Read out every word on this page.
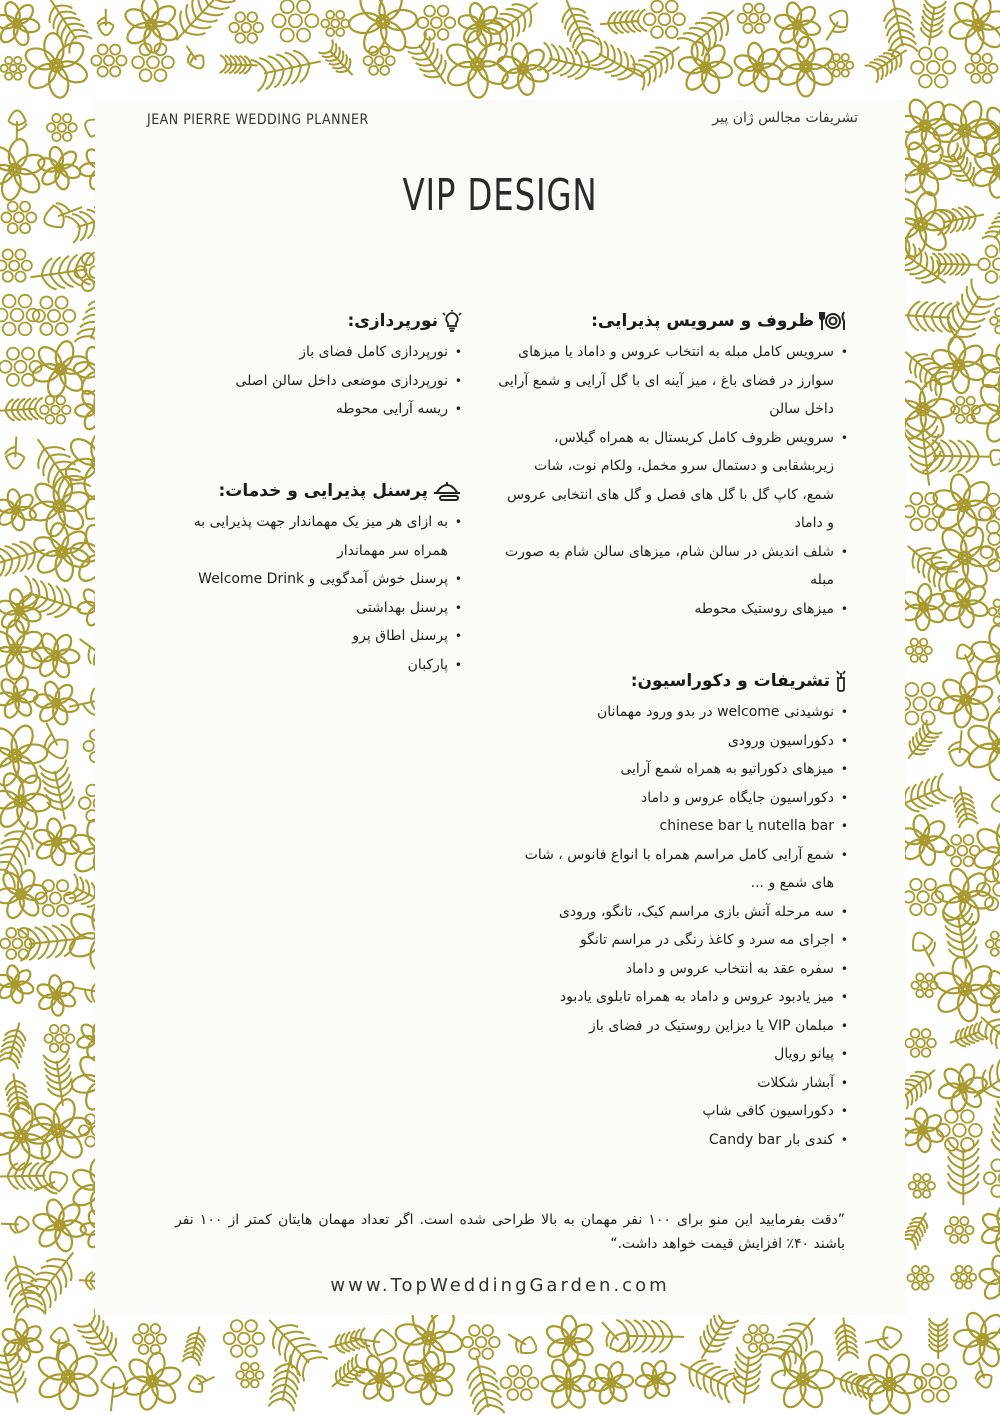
JEAN PIERRE WEDDING PLANNER	تشریفات مجالس ژان پیر
VIP DESIGN
ظروف و سرویس پذیرایی:
• سرویس کامل مبله به انتخاب عروس و داماد یا میزهای سوارز در فضای باغ ، میز آینه ای با گل آرایی و شمع آرایی داخل سالن
• سرویس ظروف کامل کریستال به همراه گیلاس، زیربشقابی و دستمال سرو مخمل، ولکام نوت، شات شمع، کاپ گل با گل های فصل و گل های انتخابی عروس و داماد
• شلف اندیش در سالن شام، میزهای سالن شام به صورت مبله
• میزهای روستیک محوطه
نورپردازی:
• نورپردازی کامل فضای باز
• نورپردازی موضعی داخل سالن اصلی
• ریسه آرایی محوطه
پرسنل پذیرایی و خدمات:
• به ازای هر میز یک مهماندار جهت پذیرایی به همراه سر مهماندار
• پرسنل خوش آمدگویی و Welcome Drink
• پرسنل بهداشتی
• پرسنل اطاق پرو
• پارکبان
تشریفات و دکوراسیون:
• نوشیدنی welcome در بدو ورود مهمانان
• دکوراسیون ورودی
• میزهای دکوراتیو به همراه شمع آرایی
• دکوراسیون جایگاه عروس و داماد
• nutella bar یا chinese bar
• شمع آرایی کامل مراسم همراه با انواع فانوس ، شات های شمع و ...
• سه مرحله آتش بازی مراسم کیک، تانگو، ورودی
• اجرای مه سرد و کاغذ رنگی در مراسم تانگو
• سفره عقد به انتخاب عروس و داماد
• میز یادبود عروس و داماد به همراه تابلوی یادبود
• مبلمان VIP یا دیزاین روستیک در فضای باز
• پیانو رویال
• آبشار شکلات
• دکوراسیون کافی شاپ
• کندی بار Candy bar
”دقت بفرمایید این منو برای ۱۰۰ نفر مهمان به بالا طراحی شده است. اگر تعداد مهمان هایتان کمتر از ۱۰۰ نفر باشند ۴۰٪ افزایش قیمت خواهد داشت.“
www.TopWeddingGarden.com
